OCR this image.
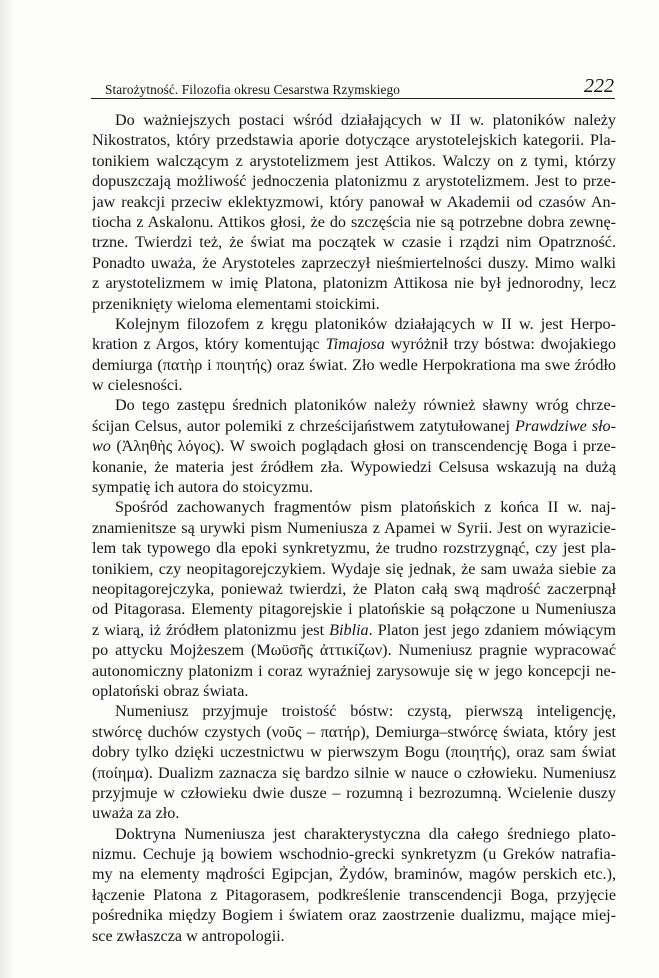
Starożytność. Filozofia okresu Cesarstwa Rzymskiego	222
Do ważniejszych postaci wśród działających w II w. platoników należy
Nikostratos, który przedstawia aporie dotyczące arystotelejskich kategorii. Pla-
tonikiem walczącym z arystotelizmem jest Attikos. Walczy on z tymi, którzy
dopuszczają możliwość jednoczenia platonizmu z arystotelizmem. Jest to prze-
jaw reakcji przeciw eklektyzmowi, który panował w Akademii od czasów An-
tiocha z Askalonu. Attikos głosi, że do szczęścia nie są potrzebne dobra zewnę-
trzne. Twierdzi też, że świat ma początek w czasie i rządzi nim Opatrzność.
Ponadto uważa, że Arystoteles zaprzeczył nieśmiertelności duszy. Mimo walki
z arystotelizmem w imię Platona, platonizm Attikosa nie był jednorodny, lecz
przeniknięty wieloma elementami stoickimi.
Kolejnym filozofem z kręgu platoników działających w II w. jest Herpo-
kration z Argos, który komentując Timajosa wyróżnił trzy bóstwa: dwojakiego
demiurga (πατὴρ i ποιητής) oraz świat. Zło wedle Herpokrationa ma swe źródło
w cielesności.
Do tego zastępu średnich platoników należy również sławny wróg chrze-
ścijan Celsus, autor polemiki z chrześcijaństwem zatytułowanej Prawdziwe sło-
wo (Ἀληθὴς λόγος). W swoich poglądach głosi on transcendencję Boga i prze-
konanie, że materia jest źródłem zła. Wypowiedzi Celsusa wskazują na dużą
sympatię ich autora do stoicyzmu.
Spośród zachowanych fragmentów pism platońskich z końca II w. naj-
znamienitsze są urywki pism Numeniusza z Apamei w Syrii. Jest on wyrazicie-
lem tak typowego dla epoki synkretyzmu, że trudno rozstrzygnąć, czy jest pla-
tonikiem, czy neopitagorejczykiem. Wydaje się jednak, że sam uważa siebie za
neopitagorejczyka, ponieważ twierdzi, że Platon całą swą mądrość zaczerpnął
od Pitagorasa. Elementy pitagorejskie i platońskie są połączone u Numeniusza
z wiarą, iż źródłem platonizmu jest Biblia. Platon jest jego zdaniem mówiącym
po attycku Mojżeszem (Μωϋσῆς ἀττικίζων). Numeniusz pragnie wypracować
autonomiczny platonizm i coraz wyraźniej zarysowuje się w jego koncepcji ne-
oplatoński obraz świata.
Numeniusz przyjmuje troistość bóstw: czystą, pierwszą inteligencję,
stwórcę duchów czystych (νοῦς – πατήρ), Demiurga–stwórcę świata, który jest
dobry tylko dzięki uczestnictwu w pierwszym Bogu (ποιητής), oraz sam świat
(ποίημα). Dualizm zaznacza się bardzo silnie w nauce o człowieku. Numeniusz
przyjmuje w człowieku dwie dusze – rozumną i bezrozumną. Wcielenie duszy
uważa za zło.
Doktryna Numeniusza jest charakterystyczna dla całego średniego plato-
nizmu. Cechuje ją bowiem wschodnio-grecki synkretyzm (u Greków natrafia-
my na elementy mądrości Egipcjan, Żydów, braminów, magów perskich etc.),
łączenie Platona z Pitagorasem, podkreślenie transcendencji Boga, przyjęcie
pośrednika między Bogiem i światem oraz zaostrzenie dualizmu, mające miej-
sce zwłaszcza w antropologii.
